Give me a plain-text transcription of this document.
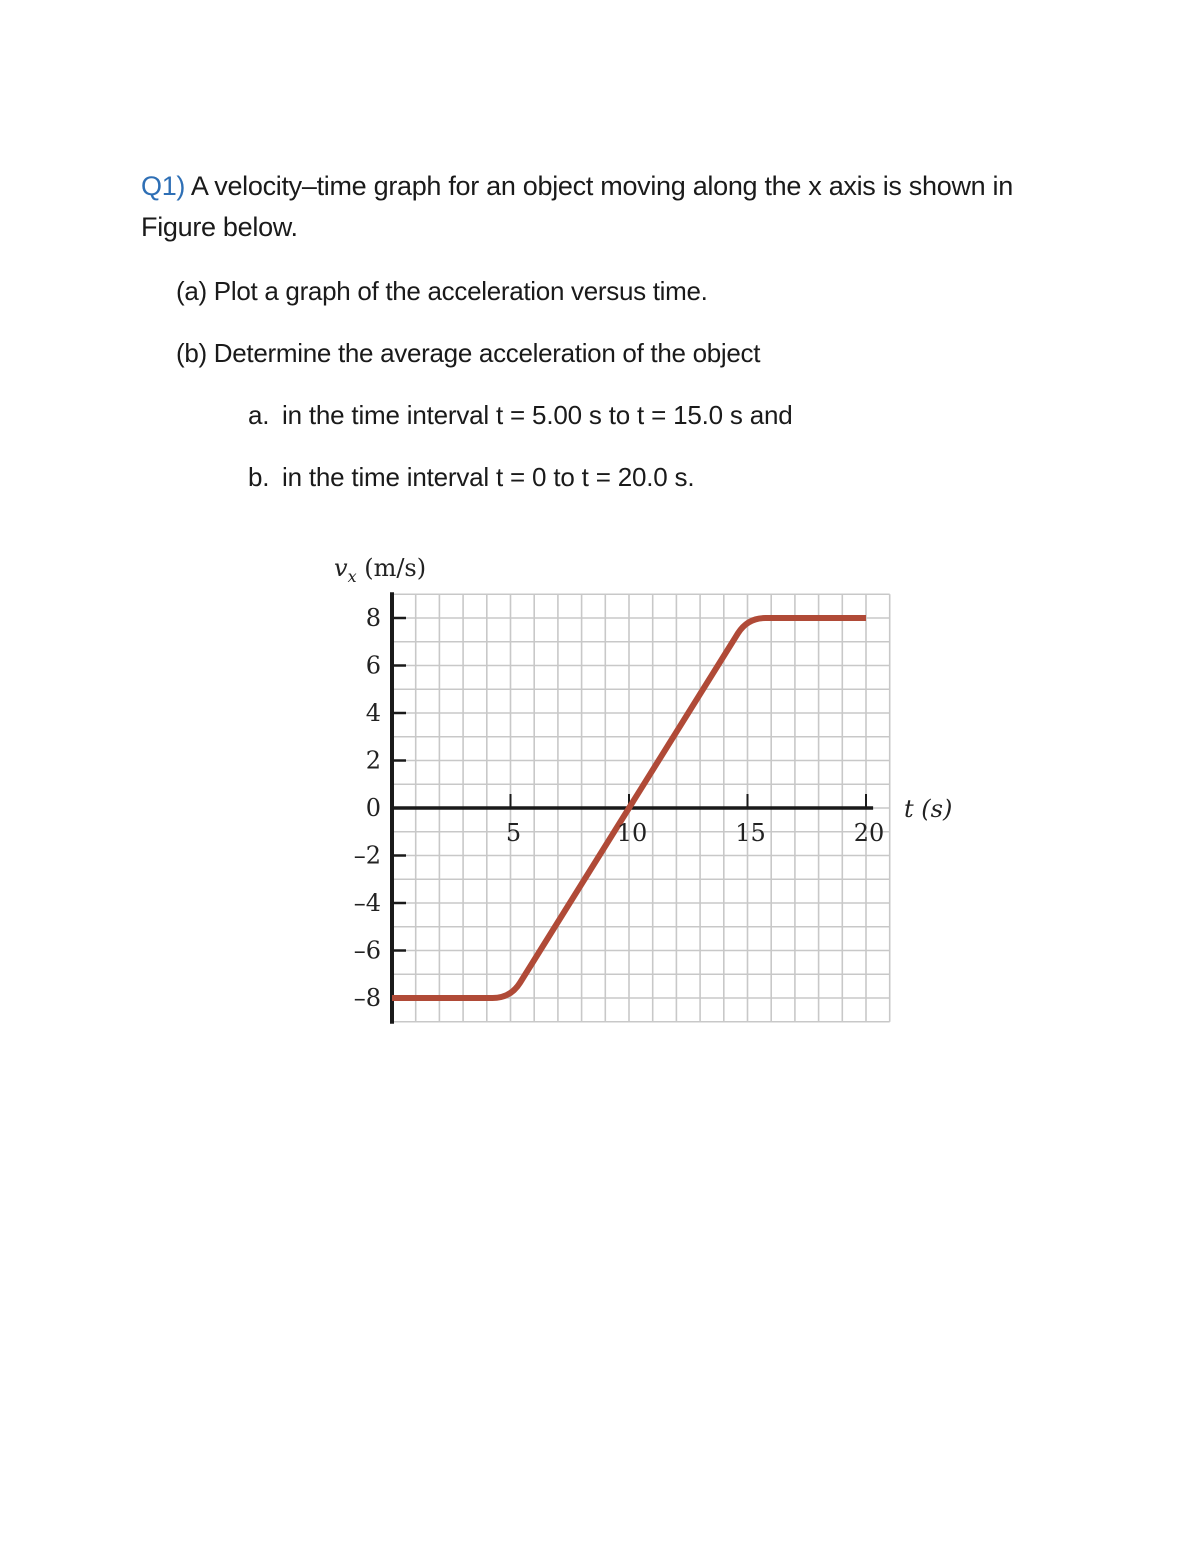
Q1) A velocity–time graph for an object moving along the x axis is shown in Figure below.
(a) Plot a graph of the acceleration versus time.
(b) Determine the average acceleration of the object
a. in the time interval t = 5.00 s to t = 15.0 s and
b. in the time interval t = 0 to t = 20.0 s.
8
6
4
2
0
–2
–4
–6
–8
5	10	15	20
$v_x$ (m/s)
t (s)
